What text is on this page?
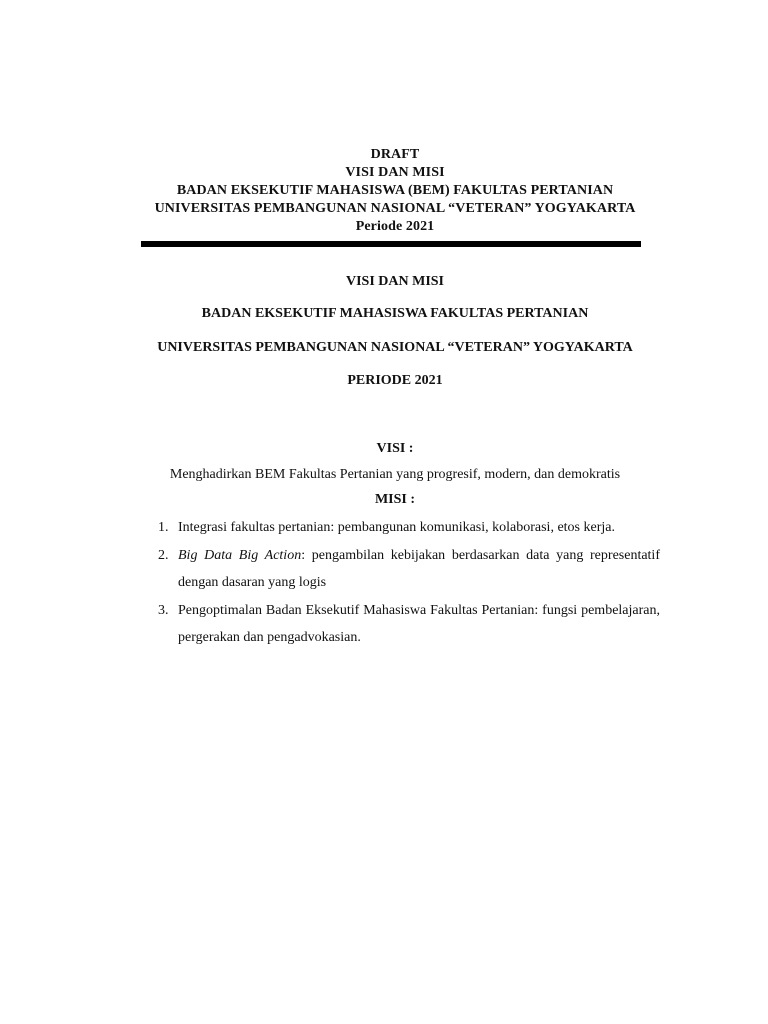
DRAFT
VISI DAN MISI
BADAN EKSEKUTIF MAHASISWA (BEM) FAKULTAS PERTANIAN
UNIVERSITAS PEMBANGUNAN NASIONAL “VETERAN” YOGYAKARTA
Periode 2021
VISI DAN MISI
BADAN EKSEKUTIF MAHASISWA FAKULTAS PERTANIAN
UNIVERSITAS PEMBANGUNAN NASIONAL “VETERAN” YOGYAKARTA
PERIODE 2021
VISI :
Menghadirkan BEM Fakultas Pertanian yang progresif, modern, dan demokratis
MISI :
1. Integrasi fakultas pertanian: pembangunan komunikasi, kolaborasi, etos kerja.
2. Big Data Big Action: pengambilan kebijakan berdasarkan data yang representatif dengan dasaran yang logis
3. Pengoptimalan Badan Eksekutif Mahasiswa Fakultas Pertanian: fungsi pembelajaran, pergerakan dan pengadvokasian.
